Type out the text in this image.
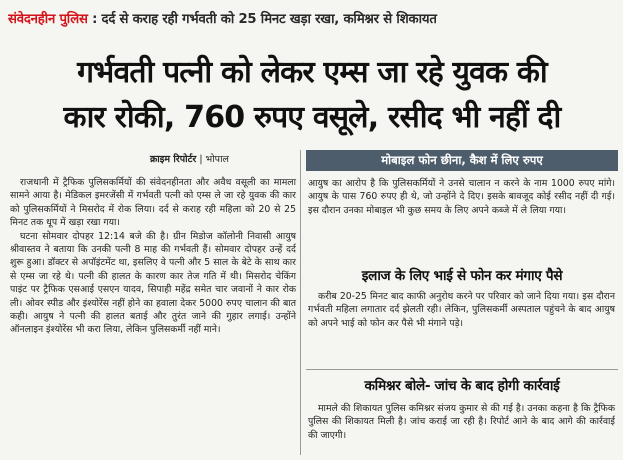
संवेदनहीन पुलिस : दर्द से कराह रही गर्भवती को 25 मिनट खड़ा रखा, कमिश्नर से शिकायत
गर्भवती पत्नी को लेकर एम्स जा रहे युवक की
कार रोकी, 760 रुपए वसूले, रसीद भी नहीं दी
क्राइम रिपोर्टर | भोपाल

राजधानी में ट्रैफिक पुलिसकर्मियों की संवेदनहीनता और अवैध वसूली का मामला सामने आया है। मेडिकल इमरजेंसी में गर्भवती पत्नी को एम्स ले जा रहे युवक की कार को पुलिसकर्मियों ने मिसरोद में रोक लिया। दर्द से कराह रही महिला को 20 से 25 मिनट तक धूप में खड़ा रखा गया।

घटना सोमवार दोपहर 12:14 बजे की है। ग्रीन मिडोज कॉलोनी निवासी आयुष श्रीवास्तव ने बताया कि उनकी पत्नी 8 माह की गर्भवती हैं। सोमवार दोपहर उन्हें दर्द शुरू हुआ। डॉक्टर से अपॉइंटमेंट था, इसलिए वे पत्नी और 5 साल के बेटे के साथ कार से एम्स जा रहे थे। पत्नी की हालत के कारण कार तेज गति में थी। मिसरोद चेकिंग पाइंट पर ट्रैफिक एसआई एसएन यादव, सिपाही महेंद्र समेत चार जवानों ने कार रोक ली। ओवर स्पीड और इंश्योरेंस नहीं होने का हवाला देकर 5000 रुपए चालान की बात कही। आयुष ने पत्नी की हालत बताई और तुरंत जाने की गुहार लगाई। उन्होंने ऑनलाइन इंश्योरेंस भी करा लिया, लेकिन पुलिसकर्मी नहीं माने।

मोबाइल फोन छीना, कैश में लिए रुपए

आयुष का आरोप है कि पुलिसकर्मियों ने उनसे चालान न करने के नाम 1000 रुपए मांगे। आयुष के पास 760 रुपए ही थे, जो उन्होंने दे दिए। इसके बावजूद कोई रसीद नहीं दी गई। इस दौरान उनका मोबाइल भी कुछ समय के लिए अपने कब्जे में ले लिया गया।

इलाज के लिए भाई से फोन कर मंगाए पैसे

करीब 20-25 मिनट बाद काफी अनुरोध करने पर परिवार को जाने दिया गया। इस दौरान गर्भवती महिला लगातार दर्द झेलती रही। लेकिन, पुलिसकर्मी अस्पताल पहुंचने के बाद आयुष को अपने भाई को फोन कर पैसे भी मंगाने पड़े।

कमिश्नर बोले- जांच के बाद होगी कार्रवाई

मामले की शिकायत पुलिस कमिश्नर संजय कुमार से की गई है। उनका कहना है कि ट्रैफिक पुलिस की शिकायत मिली है। जांच कराई जा रही है। रिपोर्ट आने के बाद आगे की कार्रवाई की जाएगी।
